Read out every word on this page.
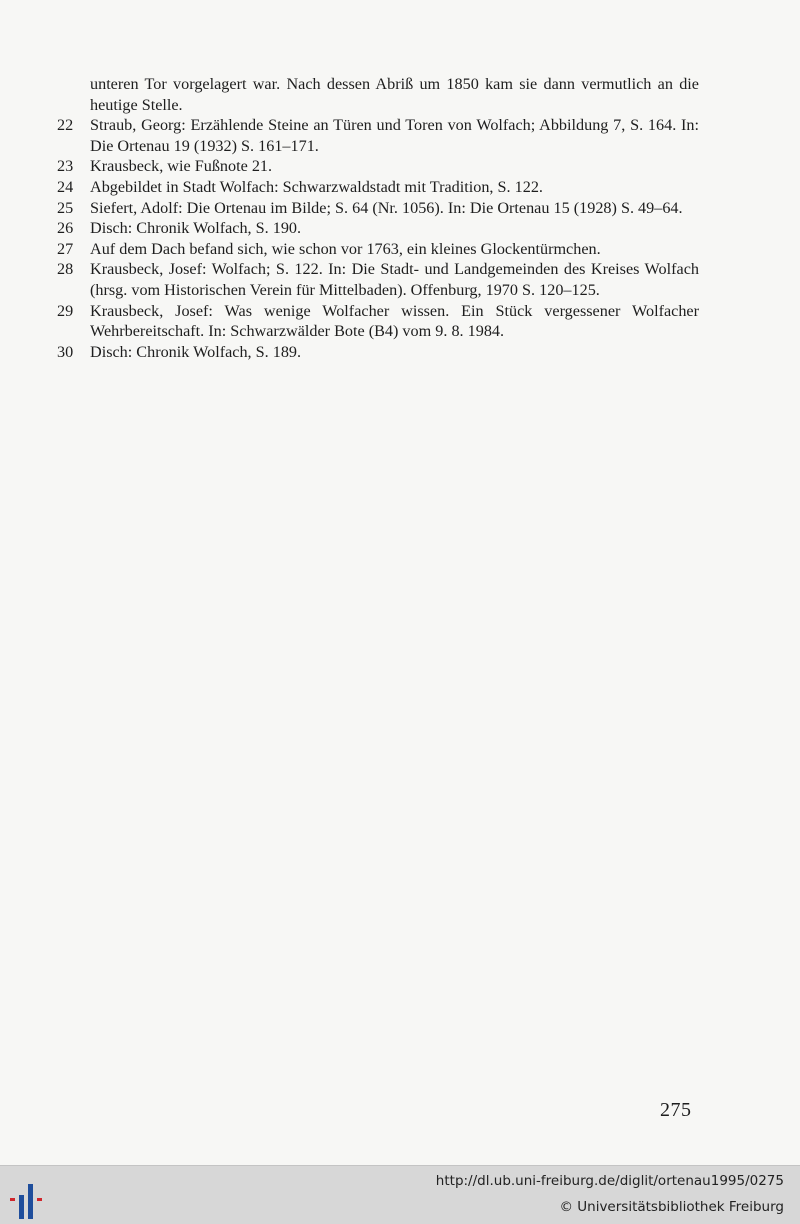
unteren Tor vorgelagert war. Nach dessen Abriß um 1850 kam sie dann vermutlich an die heutige Stelle.
22	Straub, Georg: Erzählende Steine an Türen und Toren von Wolfach; Abbildung 7, S. 164. In: Die Ortenau 19 (1932) S. 161–171.
23	Krausbeck, wie Fußnote 21.
24	Abgebildet in Stadt Wolfach: Schwarzwaldstadt mit Tradition, S. 122.
25	Siefert, Adolf: Die Ortenau im Bilde; S. 64 (Nr. 1056). In: Die Ortenau 15 (1928) S. 49–64.
26	Disch: Chronik Wolfach, S. 190.
27	Auf dem Dach befand sich, wie schon vor 1763, ein kleines Glockentürmchen.
28	Krausbeck, Josef: Wolfach; S. 122. In: Die Stadt- und Landgemeinden des Kreises Wolfach (hrsg. vom Historischen Verein für Mittelbaden). Offenburg, 1970 S. 120–125.
29	Krausbeck, Josef: Was wenige Wolfacher wissen. Ein Stück vergessener Wolfacher Wehrbereitschaft. In: Schwarzwälder Bote (B4) vom 9. 8. 1984.
30	Disch: Chronik Wolfach, S. 189.
275
http://dl.ub.uni-freiburg.de/diglit/ortenau1995/0275
© Universitätsbibliothek Freiburg
